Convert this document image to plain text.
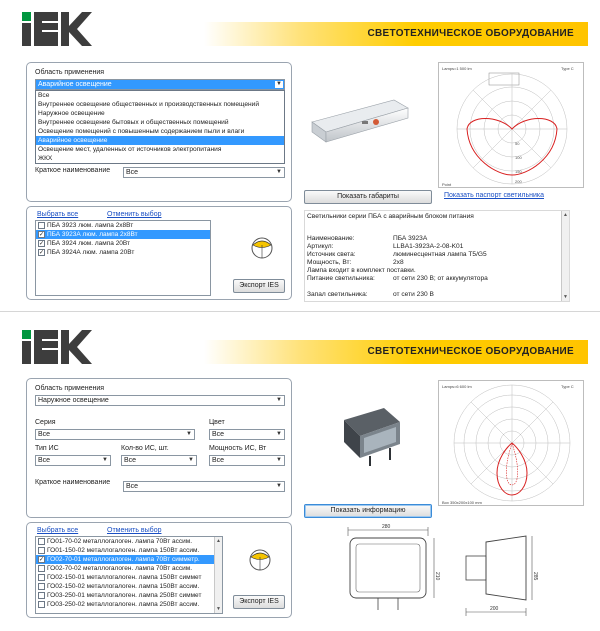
СВЕТОТЕХНИЧЕСКОЕ ОБОРУДОВАНИЕ
Область применения
Аварийное освещение	▼
Все
Внутреннее освещение общественных и производственных помещений
Наружное освещение
Внутреннее освещение бытовых и общественных помещений
Освещение помещений с повышенным содержанием пыли и влаги
Аварийное освещение
Освещение мест, удаленных от источников электропитания
ЖКХ
Краткое наименование	Все	▼
Lamps=1 500 lm	Type C
50
100
150
200
Point
Показать габариты	Показать паспорт светильника
Выбрать все	Отменить выбор
ПБА 3923 люм. лампа 2х8Вт
✓ ПБА 3923А люм. лампа 2х8Вт
✓ ПБА 3924 люм. лампа 20Вт
✓ ПБА 3924А люм. лампа 20Вт
Экспорт IES
Светильники серии ПБА с аварийным блоком питания
Наименование:	ПБА 3923А
Артикул:	LLBA1-3923A-2-08-K01
Источник света:	люминесцентная лампа Т5/G5
Мощность, Вт:	2х8
Лампа входит в комплект поставки.
Питание светильника:	от сети 230 В; от аккумулятора
Запал светильника:	от сети 230 В
▲
▼
СВЕТОТЕХНИЧЕСКОЕ ОБОРУДОВАНИЕ
Область применения
Наружное освещение	▼
Серия
Все	▼
Цвет
Все	▼
Тип ИС
Все	▼
Кол-во ИС, шт.
Все	▼
Мощность ИС, Вт
Все	▼
Краткое наименование
Все	▼
Lamps=6 600 lm	Type C
Box 350x200x100 mm
Показать информацию
Выбрать все	Отменить выбор
ГО01-70-02 металлогалоген. лампа 70Вт ассим.
ГО01-150-02 металлогалоген. лампа 150Вт ассим.
✓ ГО02-70-01 металлогалоген. лампа 70Вт симметр.
ГО02-70-02 металлогалоген. лампа 70Вт ассим.
ГО02-150-01 металлогалоген. лампа 150Вт симмет
ГО02-150-02 металлогалоген. лампа 150Вт ассим.
ГО03-250-01 металлогалоген. лампа 250Вт симмет
ГО03-250-02 металлогалоген. лампа 250Вт ассим.
▲
▼
Экспорт IES
280
210
200
285
